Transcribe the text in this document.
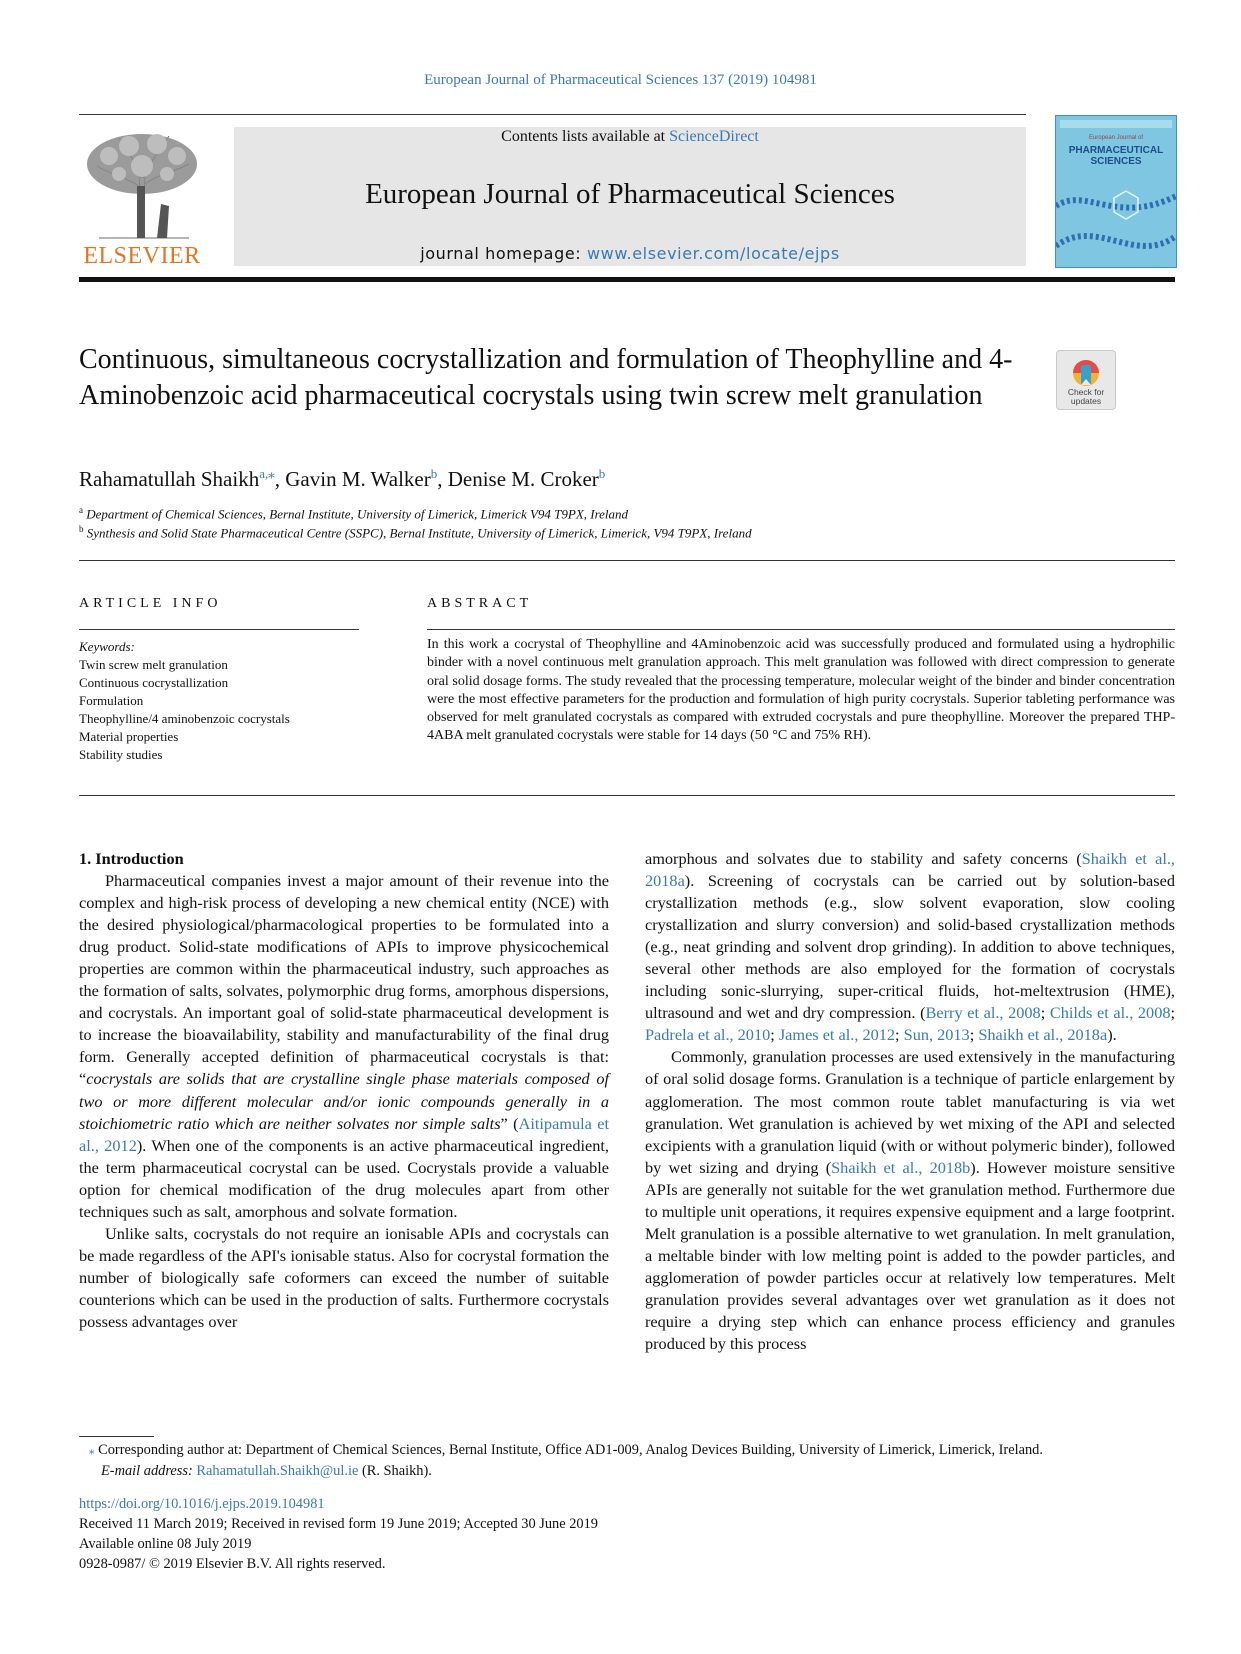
European Journal of Pharmaceutical Sciences 137 (2019) 104981
ELSEVIER
Contents lists available at ScienceDirect
European Journal of Pharmaceutical Sciences
journal homepage: www.elsevier.com/locate/ejps
European Journal of
PHARMACEUTICAL
SCIENCES
Continuous, simultaneous cocrystallization and formulation of Theophylline and 4-Aminobenzoic acid pharmaceutical cocrystals using twin screw melt granulation	Check for
updates
Rahamatullah Shaikh$^{a,⁎}$, Gavin M. Walker$^b$, Denise M. Croker$^b$
$^a$ Department of Chemical Sciences, Bernal Institute, University of Limerick, Limerick V94 T9PX, Ireland
$^b$ Synthesis and Solid State Pharmaceutical Centre (SSPC), Bernal Institute, University of Limerick, Limerick, V94 T9PX, Ireland
ARTICLE INFO	ABSTRACT
Keywords:
Twin screw melt granulation
Continuous cocrystallization
Formulation
Theophylline/4 aminobenzoic cocrystals
Material properties
Stability studies
In this work a cocrystal of Theophylline and 4Aminobenzoic acid was successfully produced and formulated using a hydrophilic binder with a novel continuous melt granulation approach. This melt granulation was followed with direct compression to generate oral solid dosage forms. The study revealed that the processing temperature, molecular weight of the binder and binder concentration were the most effective parameters for the production and formulation of high purity cocrystals. Superior tableting performance was observed for melt granulated cocrystals as compared with extruded cocrystals and pure theophylline. Moreover the prepared THP-4ABA melt granulated cocrystals were stable for 14 days (50 °C and 75% RH).

1. Introduction

Pharmaceutical companies invest a major amount of their revenue into the complex and high-risk process of developing a new chemical entity (NCE) with the desired physiological/pharmacological properties to be formulated into a drug product. Solid-state modifications of APIs to improve physicochemical properties are common within the pharmaceutical industry, such approaches as the formation of salts, solvates, polymorphic drug forms, amorphous dispersions, and cocrystals. An important goal of solid-state pharmaceutical development is to increase the bioavailability, stability and manufacturability of the final drug form. Generally accepted definition of pharmaceutical cocrystals is that: “cocrystals are solids that are crystalline single phase materials composed of two or more different molecular and/or ionic compounds generally in a stoichiometric ratio which are neither solvates nor simple salts” (Aitipamula et al., 2012). When one of the components is an active pharmaceutical ingredient, the term pharmaceutical cocrystal can be used. Cocrystals provide a valuable option for chemical modification of the drug molecules apart from other techniques such as salt, amorphous and solvate formation.

Unlike salts, cocrystals do not require an ionisable APIs and cocrystals can be made regardless of the API's ionisable status. Also for cocrystal formation the number of biologically safe coformers can exceed the number of suitable counterions which can be used in the production of salts. Furthermore cocrystals possess advantages over

amorphous and solvates due to stability and safety concerns (Shaikh et al., 2018a). Screening of cocrystals can be carried out by solution-based crystallization methods (e.g., slow solvent evaporation, slow cooling crystallization and slurry conversion) and solid-based crystallization methods (e.g., neat grinding and solvent drop grinding). In addition to above techniques, several other methods are also employed for the formation of cocrystals including sonic-slurrying, super-critical fluids, hot-meltextrusion (HME), ultrasound and wet and dry compression. (Berry et al., 2008; Childs et al., 2008; Padrela et al., 2010; James et al., 2012; Sun, 2013; Shaikh et al., 2018a).

Commonly, granulation processes are used extensively in the manufacturing of oral solid dosage forms. Granulation is a technique of particle enlargement by agglomeration. The most common route tablet manufacturing is via wet granulation. Wet granulation is achieved by wet mixing of the API and selected excipients with a granulation liquid (with or without polymeric binder), followed by wet sizing and drying (Shaikh et al., 2018b). However moisture sensitive APIs are generally not suitable for the wet granulation method. Furthermore due to multiple unit operations, it requires expensive equipment and a large footprint. Melt granulation is a possible alternative to wet granulation. In melt granulation, a meltable binder with low melting point is added to the powder particles, and agglomeration of powder particles occur at relatively low temperatures. Melt granulation provides several advantages over wet granulation as it does not require a drying step which can enhance process efficiency and granules produced by this process

⁎ Corresponding author at: Department of Chemical Sciences, Bernal Institute, Office AD1-009, Analog Devices Building, University of Limerick, Limerick, Ireland.
E-mail address: Rahamatullah.Shaikh@ul.ie (R. Shaikh).
https://doi.org/10.1016/j.ejps.2019.104981
Received 11 March 2019; Received in revised form 19 June 2019; Accepted 30 June 2019
Available online 08 July 2019
0928-0987/ © 2019 Elsevier B.V. All rights reserved.
